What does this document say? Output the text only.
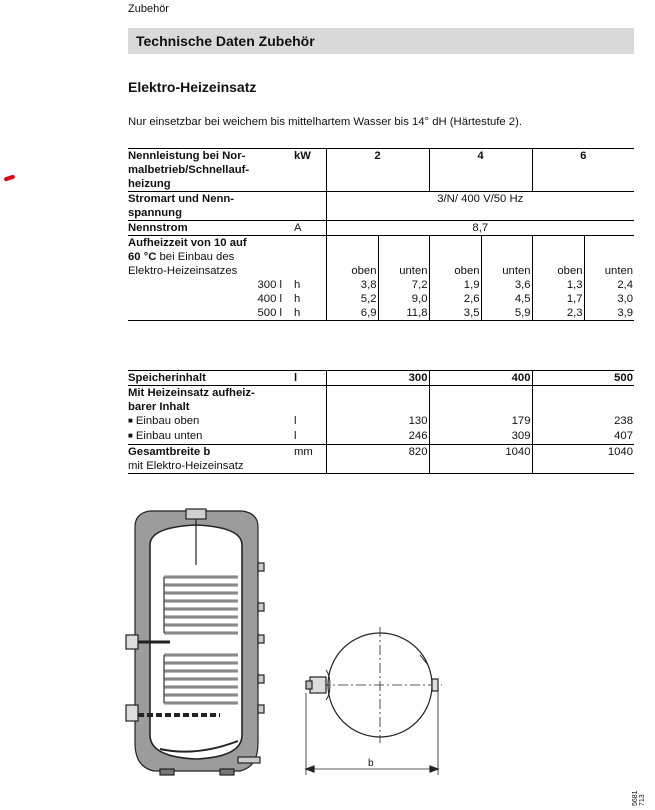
Zubehör
Technische Daten Zubehör
Elektro-Heizeinsatz
Nur einsetzbar bei weichem bis mittelhartem Wasser bis 14° dH (Härtestufe 2).
Nennleistung bei Nor-
malbetrieb/Schnellauf-
heizung	kW	2		4		6	

Stromart und Nenn-
spannung		3/N/ 400 V/50 Hz					
Nennstrom	A	8,7					

Aufheizzeit von 10 auf
60 °C bei Einbau des
Elektro-Heizeinsatzes		oben	unten	oben	unten	oben	unten
300 l	h	3,8	7,2	1,9	3,6	1,3	2,4
400 l	h	5,2	9,0	2,6	4,5	1,7	3,0
500 l	h	6,9	11,8	3,5	5,9	2,3	3,9
Speicherinhalt	l	300	400	500

Mit Heizeinsatz aufheiz-
barer Inhalt				

■ Einbau oben	l	130	179	238
■ Einbau unten	l	246	309	407

Gesamtbreite b
mit Elektro-Heizeinsatz	mm	820	1040	1040
b
5681 713
